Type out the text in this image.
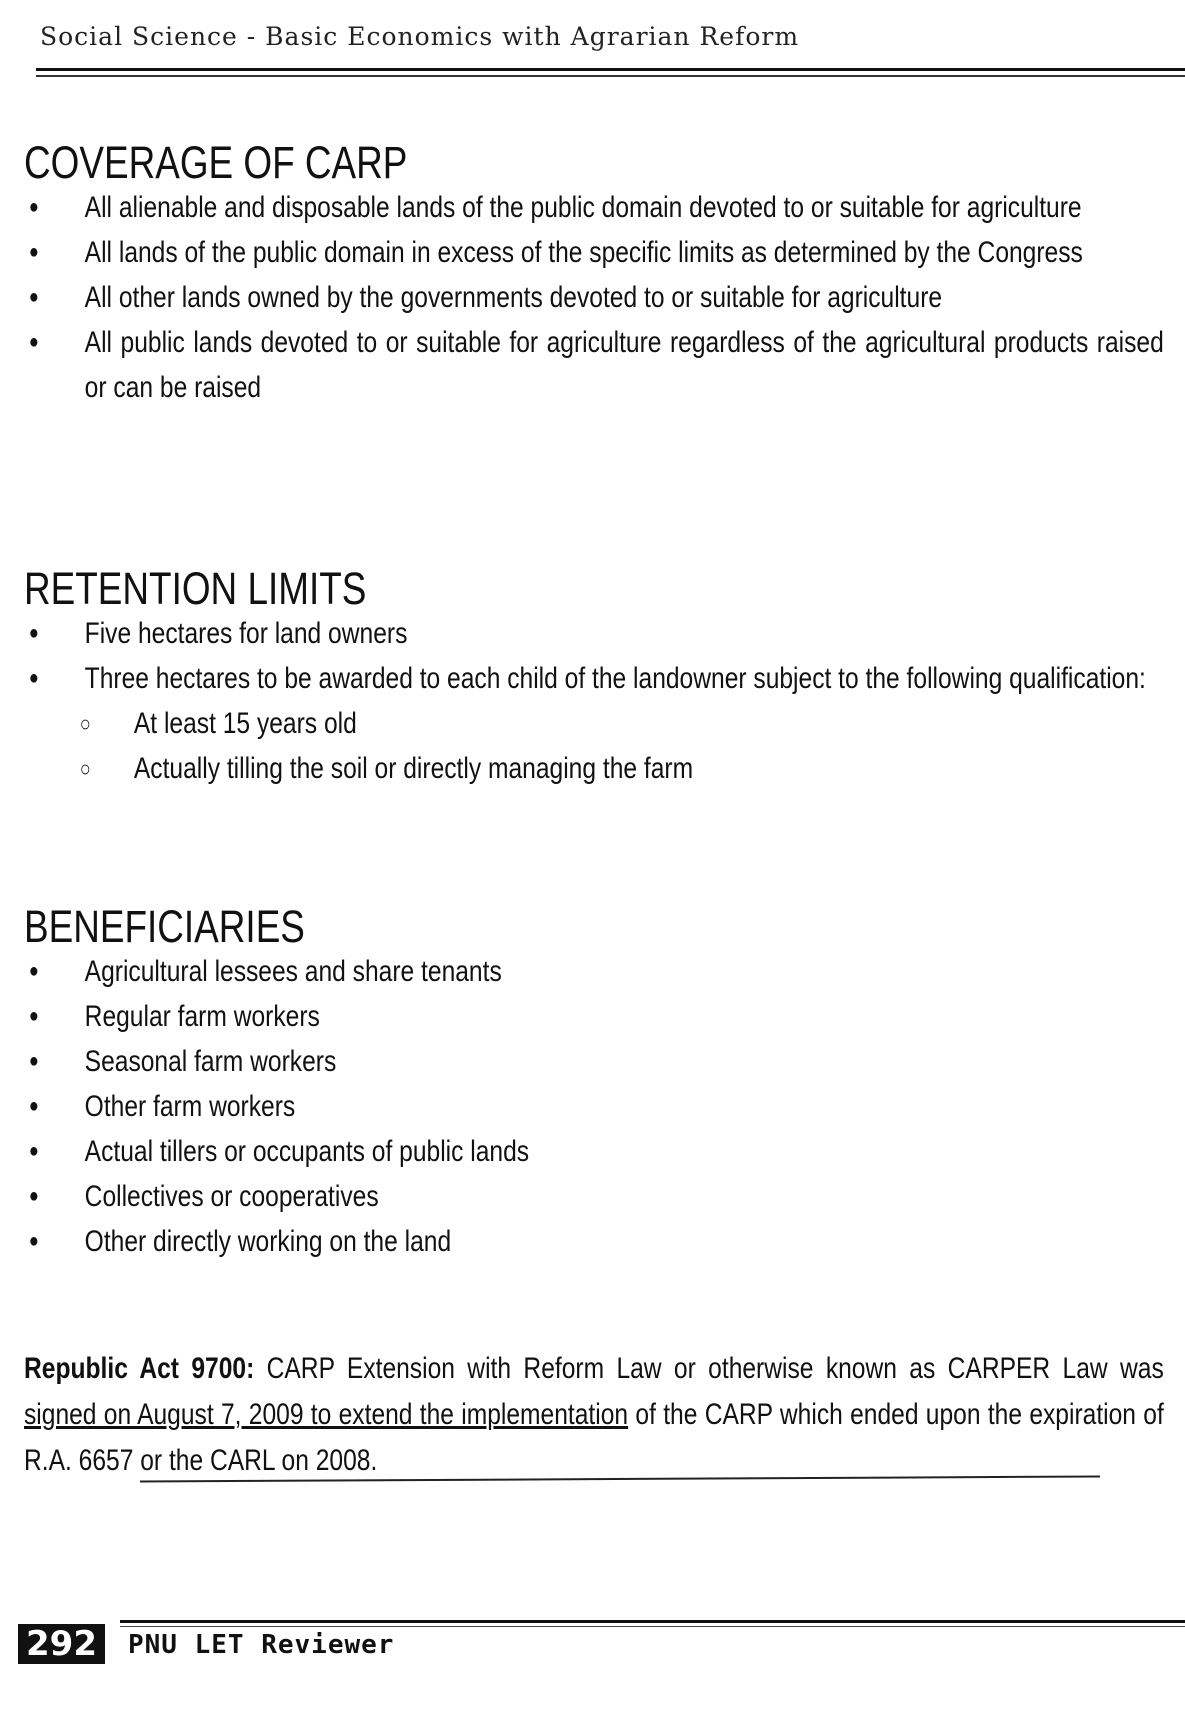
Social Science - Basic Economics with Agrarian Reform
COVERAGE OF CARP
● All alienable and disposable lands of the public domain devoted to or suitable for agriculture
● All lands of the public domain in excess of the specific limits as determined by the Congress
● All other lands owned by the governments devoted to or suitable for agriculture
● All public lands devoted to or suitable for agriculture regardless of the agricultural products raised or can be raised
RETENTION LIMITS
● Five hectares for land owners
● Three hectares to be awarded to each child of the landowner subject to the following qualification:
○ At least 15 years old
○ Actually tilling the soil or directly managing the farm
BENEFICIARIES
● Agricultural lessees and share tenants
● Regular farm workers
● Seasonal farm workers
● Other farm workers
● Actual tillers or occupants of public lands
● Collectives or cooperatives
● Other directly working on the land

Republic Act 9700: CARP Extension with Reform Law or otherwise known as CARPER Law was signed on August 7, 2009 to extend the implementation of the CARP which ended upon the expiration of R.A. 6657 or the CARL on 2008.

292	PNU LET Reviewer
